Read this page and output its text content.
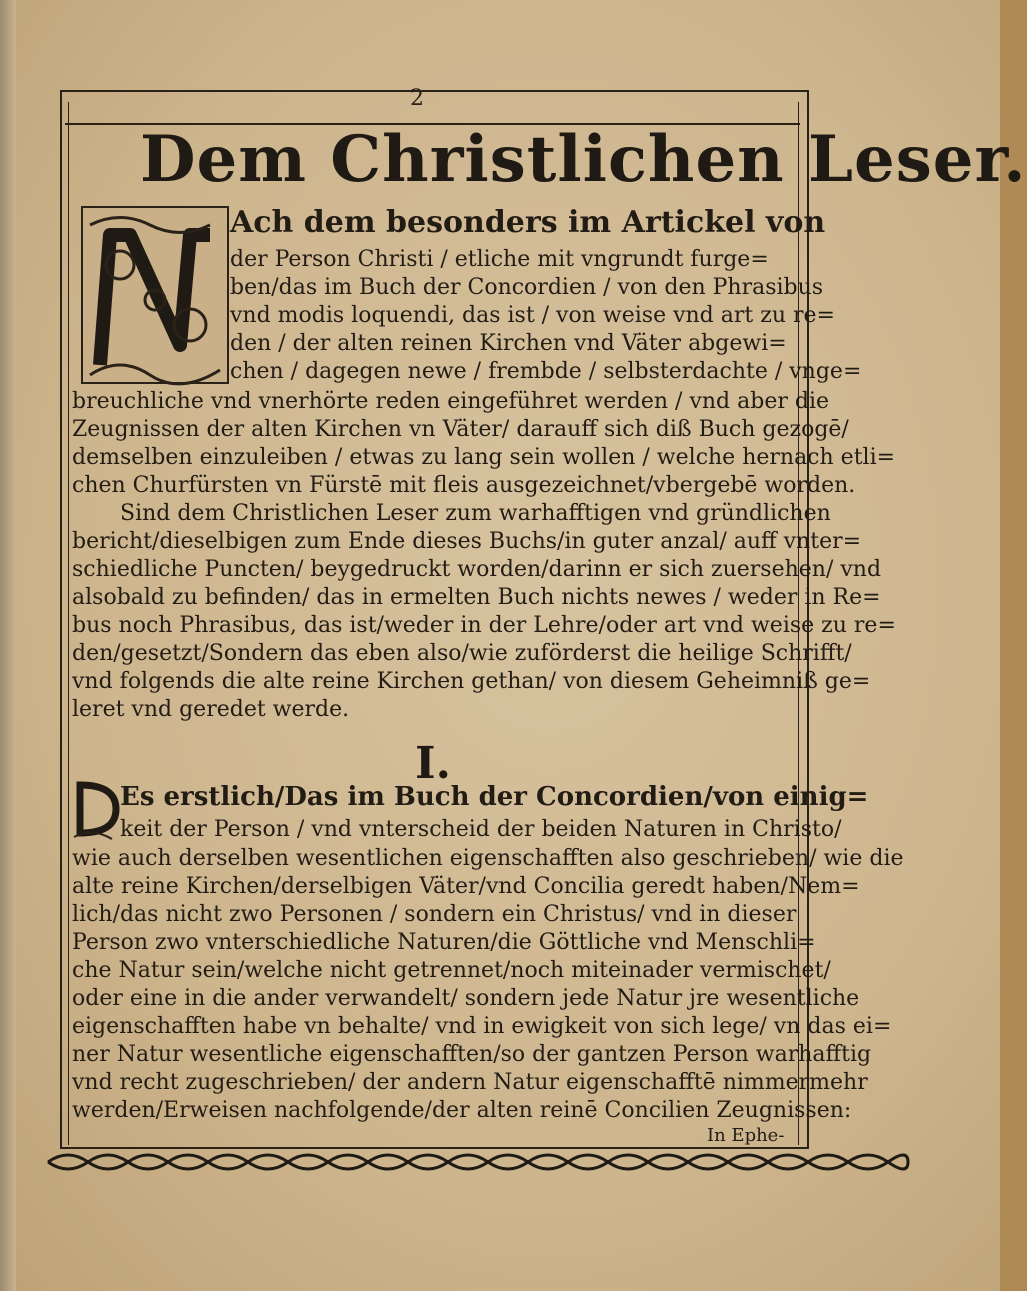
2
Dem Christlichen Leser.
Ach dem besonders im Artickel von
der Person Christi / etliche mit vngrundt furge=
ben/das im Buch der Concordien / von den Phrasibus
vnd modis loquendi, das ist / von weise vnd art zu re=
den / der alten reinen Kirchen vnd Väter abgewi=
chen / dagegen newe / frembde / selbsterdachte / vnge=
breuchliche vnd vnerhörte reden eingeführet werden / vnd aber die
Zeugnissen der alten Kirchen vn Väter/ darauff sich diß Buch gezogē/
demselben einzuleiben / etwas zu lang sein wollen / welche hernach etli=
chen Churfürsten vn Fürstē mit fleis ausgezeichnet/vbergebē worden.
Sind dem Christlichen Leser zum warhafftigen vnd gründlichen
bericht/dieselbigen zum Ende dieses Buchs/in guter anzal/ auff vnter=
schiedliche Puncten/ beygedruckt worden/darinn er sich zuersehen/ vnd
alsobald zu befinden/ das in ermelten Buch nichts newes / weder in Re=
bus noch Phrasibus, das ist/weder in der Lehre/oder art vnd weise zu re=
den/gesetzt/Sondern das eben also/wie zuförderst die heilige Schrifft/
vnd folgends die alte reine Kirchen gethan/ von diesem Geheimniß ge=
leret vnd geredet werde.
I.
Es erstlich/Das im Buch der Concordien/von einig=
keit der Person / vnd vnterscheid der beiden Naturen in Christo/
wie auch derselben wesentlichen eigenschafften also geschrieben/ wie die
alte reine Kirchen/derselbigen Väter/vnd Concilia geredt haben/Nem=
lich/das nicht zwo Personen / sondern ein Christus/ vnd in dieser
Person zwo vnterschiedliche Naturen/die Göttliche vnd Menschli=
che Natur sein/welche nicht getrennet/noch miteinader vermischet/
oder eine in die ander verwandelt/ sondern jede Natur jre wesentliche
eigenschafften habe vn behalte/ vnd in ewigkeit von sich lege/ vn das ei=
ner Natur wesentliche eigenschafften/so der gantzen Person warhafftig
vnd recht zugeschrieben/ der andern Natur eigenschafftē nimmermehr
werden/Erweisen nachfolgende/der alten reinē Concilien Zeugnissen:
In Ephe-
